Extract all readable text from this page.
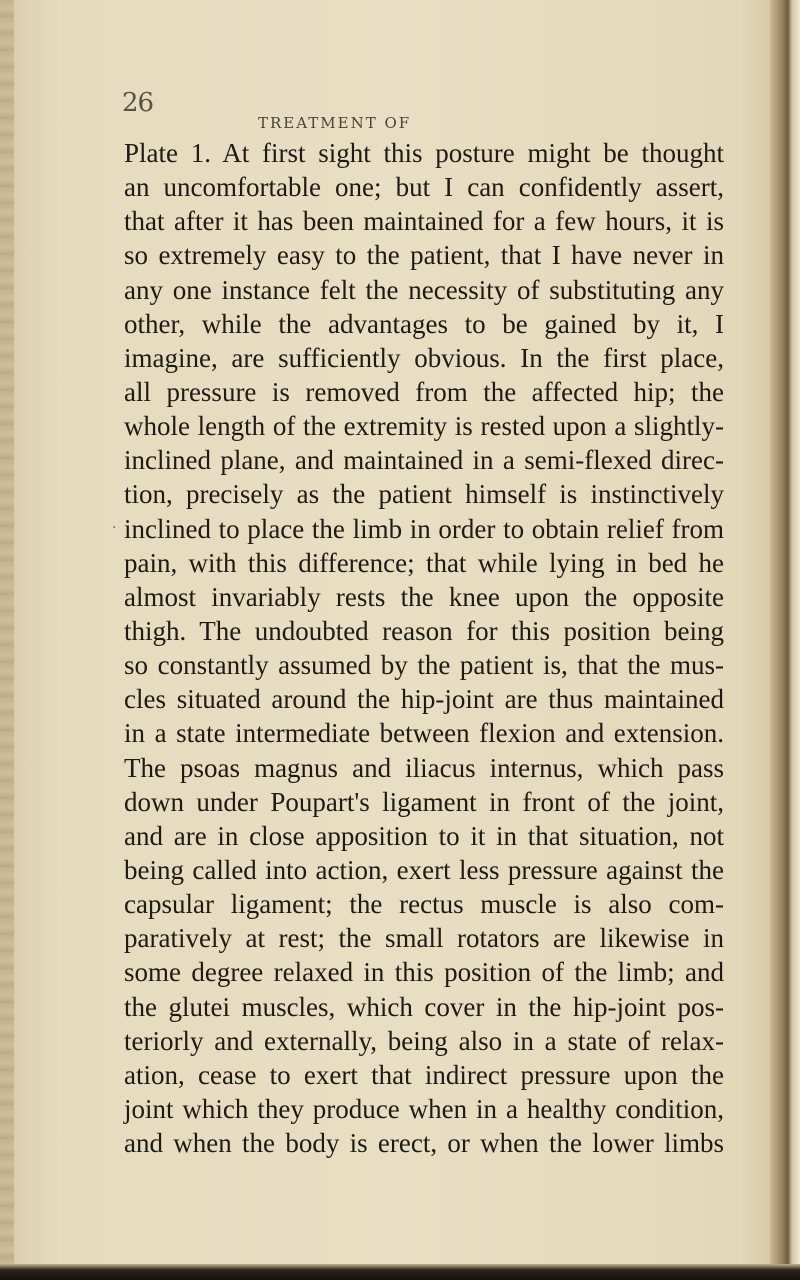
26
TREATMENT OF
.
Plate 1. At first sight this posture might be thought
an uncomfortable one; but I can confidently assert,
that after it has been maintained for a few hours, it is
so extremely easy to the patient, that I have never in
any one instance felt the necessity of substituting any
other, while the advantages to be gained by it, I
imagine, are sufficiently obvious. In the first place,
all pressure is removed from the affected hip; the
whole length of the extremity is rested upon a slightly-
inclined plane, and maintained in a semi-flexed direc-
tion, precisely as the patient himself is instinctively
inclined to place the limb in order to obtain relief from
pain, with this difference; that while lying in bed he
almost invariably rests the knee upon the opposite
thigh. The undoubted reason for this position being
so constantly assumed by the patient is, that the mus-
cles situated around the hip-joint are thus maintained
in a state intermediate between flexion and extension.
The psoas magnus and iliacus internus, which pass
down under Poupart's ligament in front of the joint,
and are in close apposition to it in that situation, not
being called into action, exert less pressure against the
capsular ligament; the rectus muscle is also com-
paratively at rest; the small rotators are likewise in
some degree relaxed in this position of the limb; and
the glutei muscles, which cover in the hip-joint pos-
teriorly and externally, being also in a state of relax-
ation, cease to exert that indirect pressure upon the
joint which they produce when in a healthy condition,
and when the body is erect, or when the lower limbs
